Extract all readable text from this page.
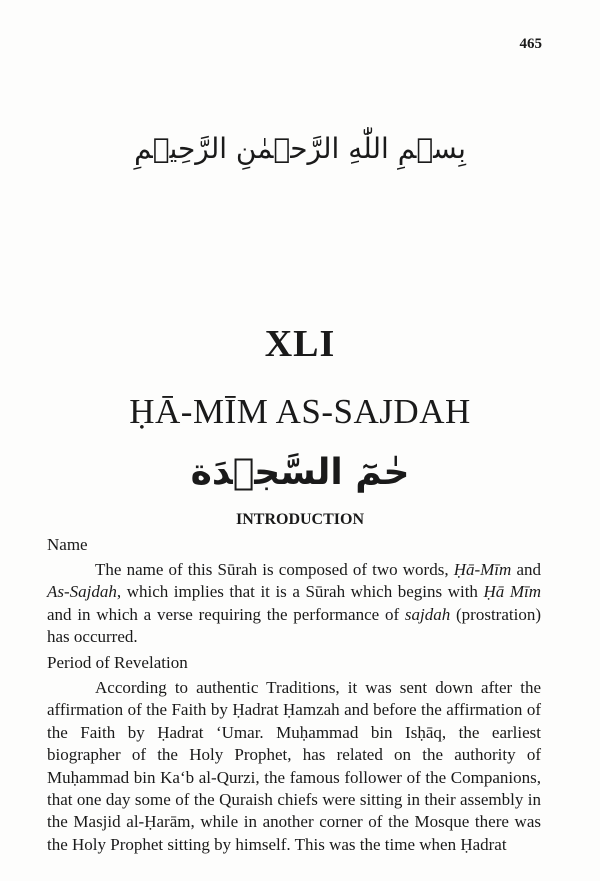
465
بِسۡمِ اللّٰهِ الرَّحۡمٰنِ الرَّحِيۡمِ
XLI
ḤĀ-MĪM AS-SAJDAH
حٰمٓ السَّجۡدَة
INTRODUCTION
Name

The name of this Sūrah is composed of two words, Ḥā-Mīm and As-Sajdah, which implies that it is a Sūrah which begins with Ḥā Mīm and in which a verse requiring the performance of sajdah (prostration) has occurred.

Period of Revelation

According to authentic Traditions, it was sent down after the affirmation of the Faith by Ḥadrat Ḥamzah and before the affirmation of the Faith by Ḥadrat ‘Umar. Muḥammad bin Isḥāq, the earliest biographer of the Holy Prophet, has related on the authority of Muḥammad bin Ka‘b al-Qurzi, the famous follower of the Companions, that one day some of the Quraish chiefs were sitting in their assembly in the Masjid al-Ḥarām, while in another corner of the Mosque there was the Holy Prophet sitting by himself. This was the time when Ḥadrat
